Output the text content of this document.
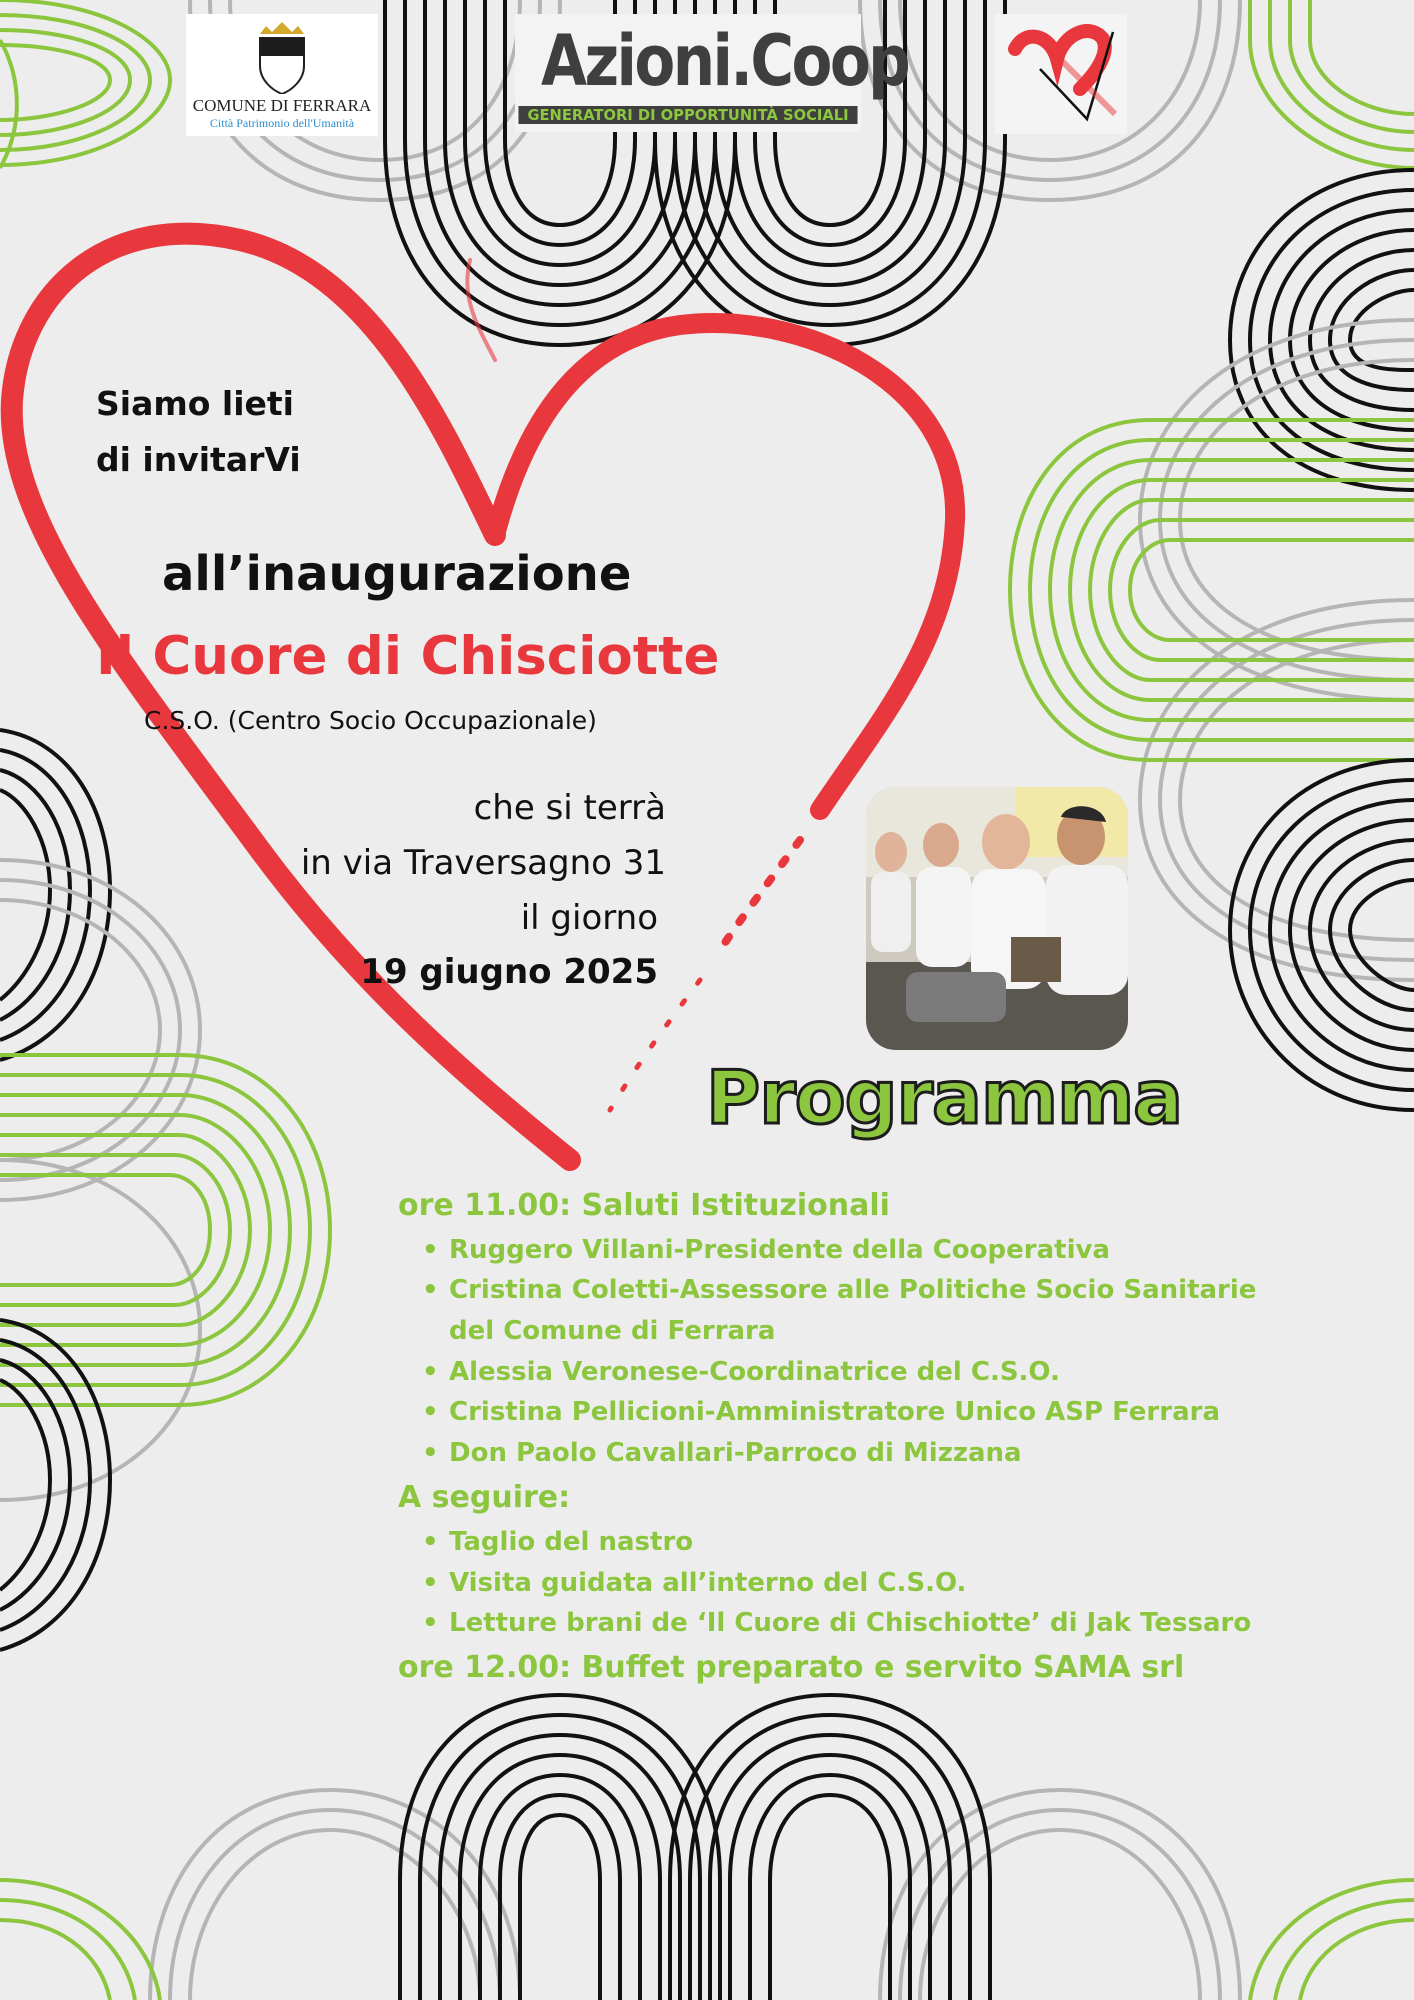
COMUNE DI FERRARA
Città Patrimonio dell'Umanità
Azioni.Coop
GENERATORI DI OPPORTUNITÀ SOCIALI
Siamo lieti
di invitarVi
all’inaugurazione
Il Cuore di Chisciotte
C.S.O. (Centro Socio Occupazionale)
che si terrà
in via Traversagno 31
il giorno
19 giugno 2025
Programma
ore 11.00: Saluti Istituzionali
• Ruggero Villani-Presidente della Cooperativa
• Cristina Coletti-Assessore alle Politiche Socio Sanitarie
del Comune di Ferrara
• Alessia Veronese-Coordinatrice del C.S.O.
• Cristina Pellicioni-Amministratore Unico ASP Ferrara
• Don Paolo Cavallari-Parroco di Mizzana
A seguire:
• Taglio del nastro
• Visita guidata all’interno del C.S.O.
• Letture brani de ‘Il Cuore di Chischiotte’ di Jak Tessaro
ore 12.00: Buffet preparato e servito SAMA srl
